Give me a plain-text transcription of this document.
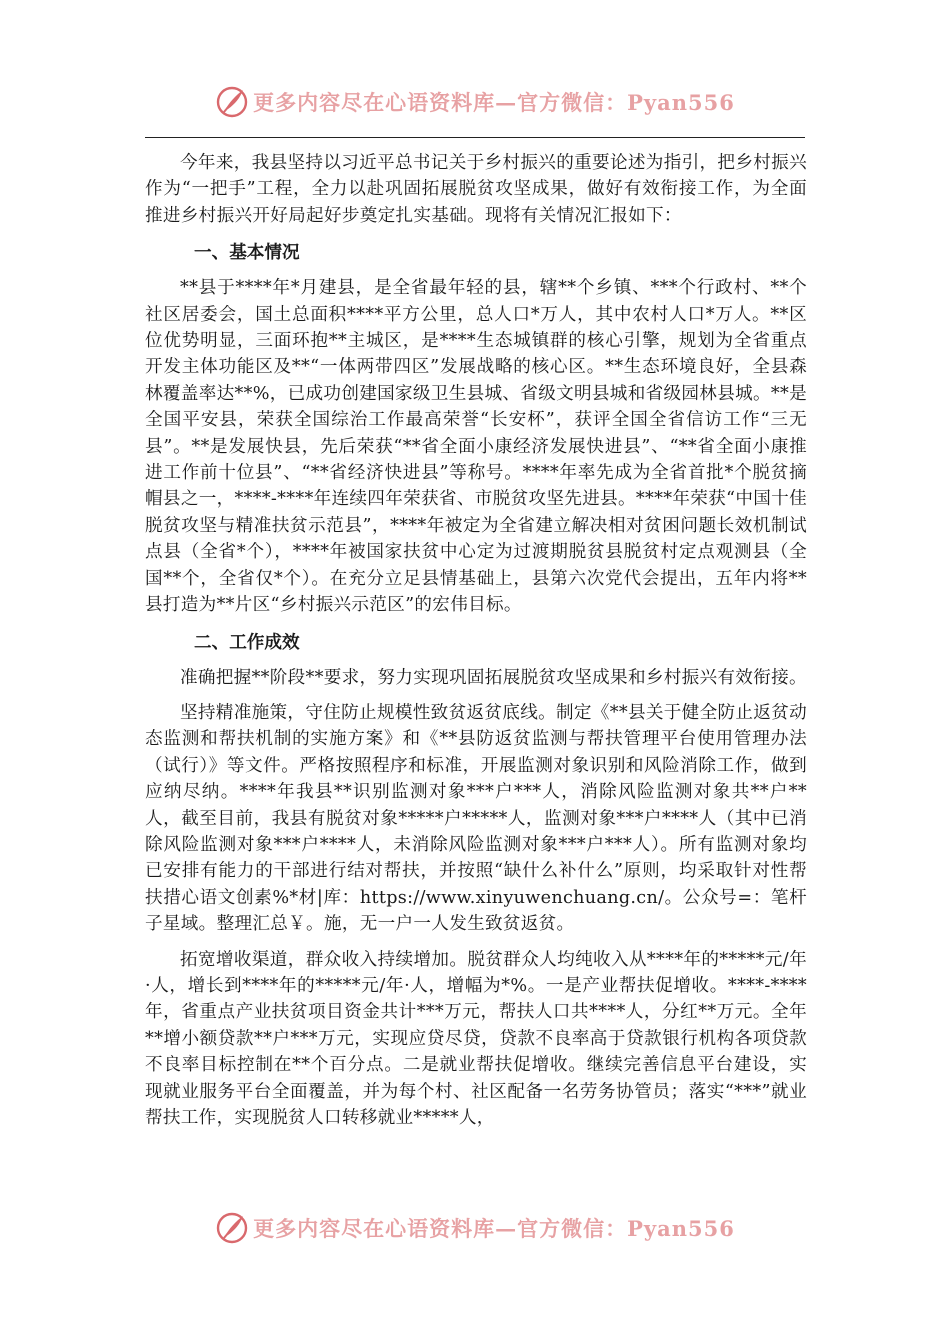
更多内容尽在心语资料库—官方微信：Pyan556

今年来，我县坚持以习近平总书记关于乡村振兴的重要论述为指引，把乡村振兴作为“一把手”工程，全力以赴巩固拓展脱贫攻坚成果，做好有效衔接工作，为全面推进乡村振兴开好局起好步奠定扎实基础。现将有关情况汇报如下：

一、基本情况

**县于****年*月建县，是全省最年轻的县，辖**个乡镇、***个行政村、**个社区居委会，国土总面积****平方公里，总人口*万人，其中农村人口*万人。**区位优势明显，三面环抱**主城区，是****生态城镇群的核心引擎，规划为全省重点开发主体功能区及**“一体两带四区”发展战略的核心区。**生态环境良好，全县森林覆盖率达**%，已成功创建国家级卫生县城、省级文明县城和省级园林县城。**是全国平安县，荣获全国综治工作最高荣誉“长安杯”，获评全国全省信访工作“三无县”。**是发展快县，先后荣获“**省全面小康经济发展快进县”、“**省全面小康推进工作前十位县”、“**省经济快进县”等称号。****年率先成为全省首批*个脱贫摘帽县之一，****-****年连续四年荣获省、市脱贫攻坚先进县。****年荣获“中国十佳脱贫攻坚与精准扶贫示范县”，****年被定为全省建立解决相对贫困问题长效机制试点县（全省*个），****年被国家扶贫中心定为过渡期脱贫县脱贫村定点观测县（全国**个，全省仅*个）。在充分立足县情基础上，县第六次党代会提出，五年内将**县打造为**片区“乡村振兴示范区”的宏伟目标。

二、工作成效

准确把握**阶段**要求，努力实现巩固拓展脱贫攻坚成果和乡村振兴有效衔接。

坚持精准施策，守住防止规模性致贫返贫底线。制定《**县关于健全防止返贫动态监测和帮扶机制的实施方案》和《**县防返贫监测与帮扶管理平台使用管理办法（试行）》等文件。严格按照程序和标准，开展监测对象识别和风险消除工作，做到应纳尽纳。****年我县**识别监测对象***户***人，消除风险监测对象共**户**人，截至目前，我县有脱贫对象*****户*****人，监测对象***户****人（其中已消除风险监测对象***户****人，未消除风险监测对象***户***人）。所有监测对象均已安排有能力的干部进行结对帮扶，并按照“缺什么补什么”原则，均采取针对性帮扶措心语文创素%*材|库：https://www.xinyuwenchuang.cn/。公众号=：笔杆子星域。整理汇总￥。施，无一户一人发生致贫返贫。

拓宽增收渠道，群众收入持续增加。脱贫群众人均纯收入从****年的*****元/年·人，增长到****年的*****元/年·人，增幅为*%。一是产业帮扶促增收。****-****年，省重点产业扶贫项目资金共计***万元，帮扶人口共****人，分红**万元。全年**增小额贷款**户***万元，实现应贷尽贷，贷款不良率高于贷款银行机构各项贷款不良率目标控制在**个百分点。二是就业帮扶促增收。继续完善信息平台建设，实现就业服务平台全面覆盖，并为每个村、社区配备一名劳务协管员；落实“***”就业帮扶工作，实现脱贫人口转移就业*****人，

更多内容尽在心语资料库—官方微信：Pyan556
